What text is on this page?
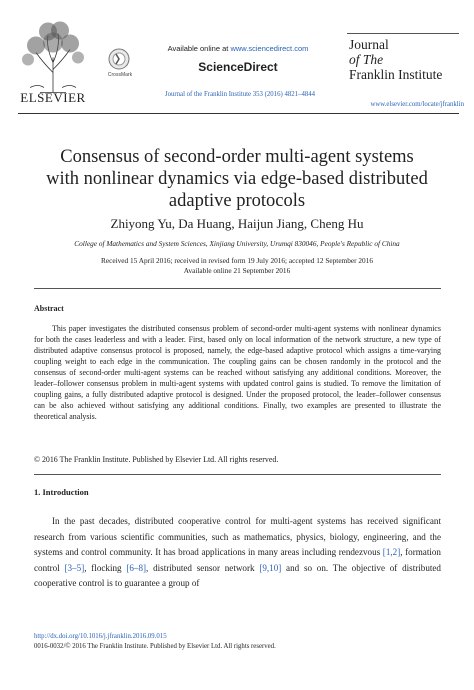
ELSEVIER
CrossMark
Available online at www.sciencedirect.com
ScienceDirect
Journal of the Franklin Institute 353 (2016) 4821–4844
Journal
of The
Franklin Institute
www.elsevier.com/locate/jfranklin
Consensus of second-order multi-agent systems
with nonlinear dynamics via edge-based distributed
adaptive protocols
Zhiyong Yu, Da Huang, Haijun Jiang, Cheng Hu
College of Mathematics and System Sciences, Xinjiang University, Urumqi 830046, People's Republic of China
Received 15 April 2016; received in revised form 19 July 2016; accepted 12 September 2016
Available online 21 September 2016
Abstract

This paper investigates the distributed consensus problem of second-order multi-agent systems with nonlinear dynamics for both the cases leaderless and with a leader. First, based only on local information of the network structure, a new type of distributed adaptive consensus protocol is proposed, namely, the edge-based adaptive protocol which assigns a time-varying coupling weight to each edge in the communication. The coupling gains can be chosen randomly in the protocol and the consensus of second-order multi-agent systems can be reached without satisfying any additional conditions. Moreover, the leader–follower consensus problem in multi-agent systems with updated control gains is studied. To remove the limitation of coupling gains, a fully distributed adaptive protocol is designed. Under the proposed protocol, the leader–follower consensus can be also achieved without satisfying any additional conditions. Finally, two examples are presented to illustrate the theoretical analysis.

© 2016 The Franklin Institute. Published by Elsevier Ltd. All rights reserved.
1. Introduction

In the past decades, distributed cooperative control for multi-agent systems has received significant research from various scientific communities, such as mathematics, physics, biology, engineering, and the systems and control community. It has broad applications in many areas including rendezvous [1,2], formation control [3–5], flocking [6–8], distributed sensor network [9,10] and so on. The objective of distributed cooperative control is to guarantee a group of

http://dx.doi.org/10.1016/j.jfranklin.2016.09.015
0016-0032/© 2016 The Franklin Institute. Published by Elsevier Ltd. All rights reserved.
